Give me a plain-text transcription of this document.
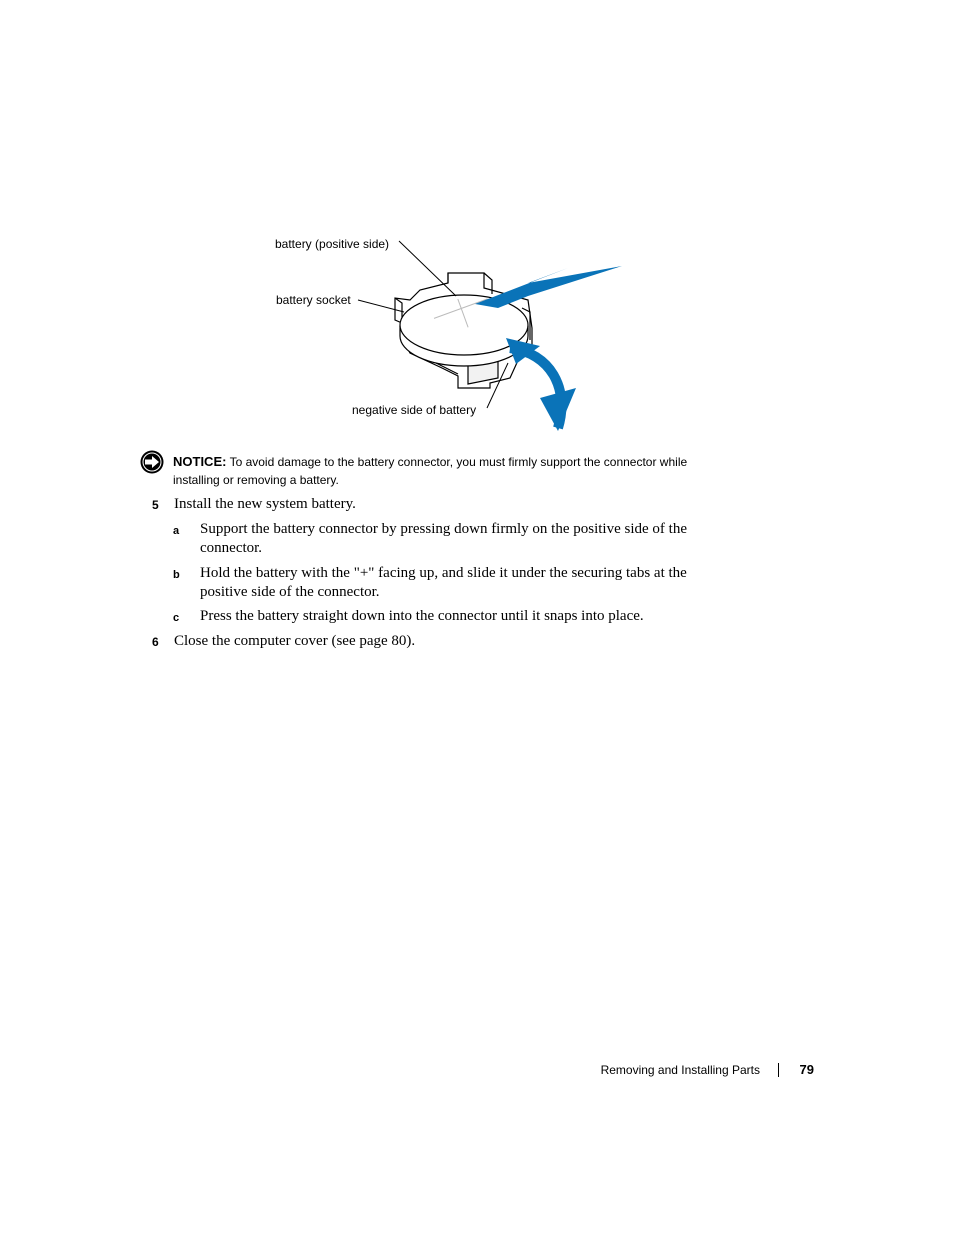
battery (positive side)
battery socket
negative side of battery
NOTICE: To avoid damage to the battery connector, you must firmly support the connector while installing or removing a battery.
5 Install the new system battery.
a Support the battery connector by pressing down firmly on the positive side of the connector.
b Hold the battery with the "+" facing up, and slide it under the securing tabs at the positive side of the connector.
c Press the battery straight down into the connector until it snaps into place.
6 Close the computer cover (see page 80).
Removing and Installing Parts	79
